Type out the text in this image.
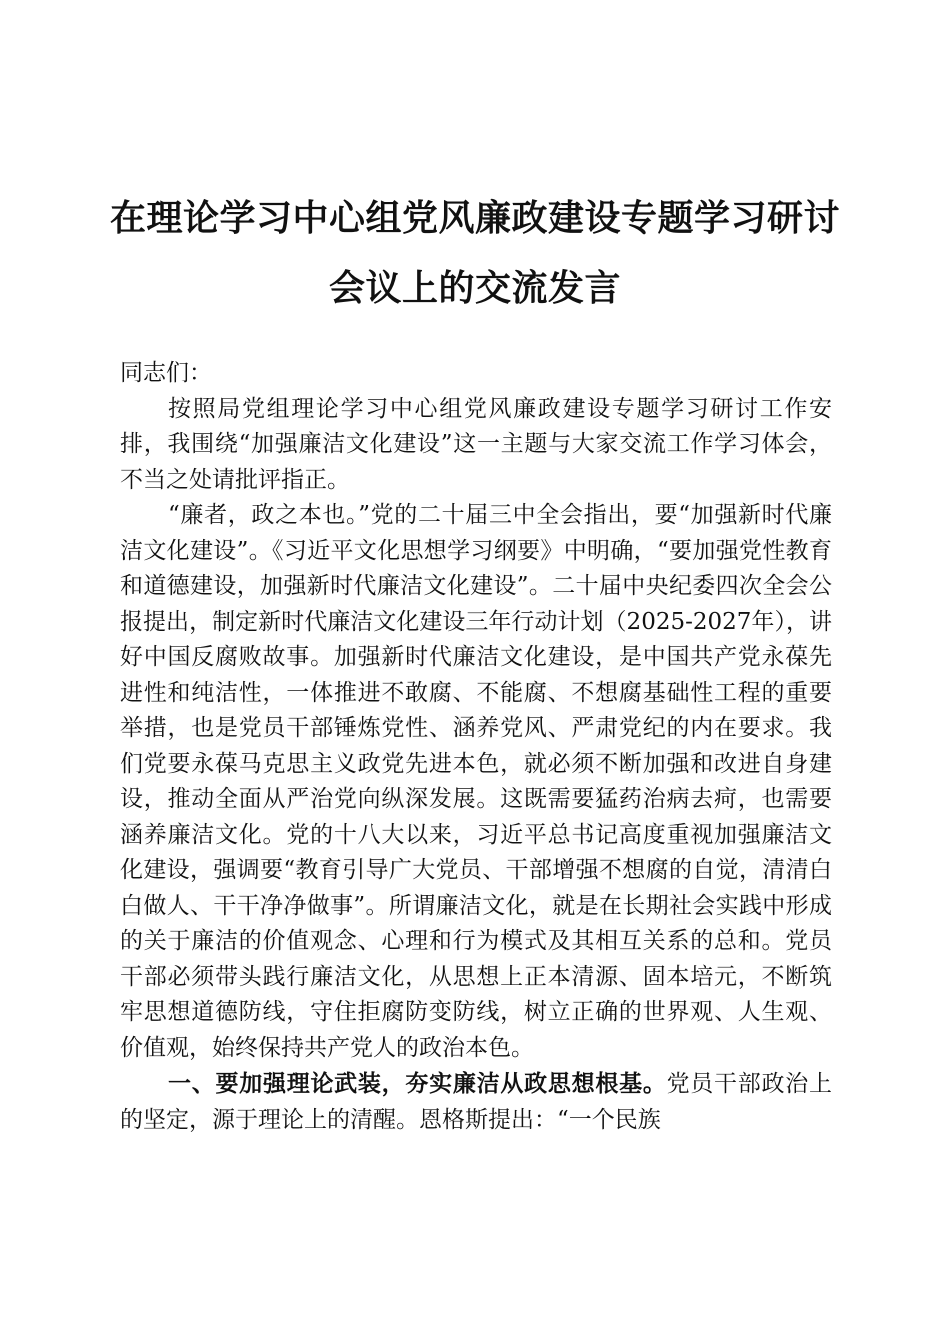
在理论学习中心组党风廉政建设专题学习研讨
会议上的交流发言

同志们：

按照局党组理论学习中心组党风廉政建设专题学习研讨工作安排，我围绕“加强廉洁文化建设”这一主题与大家交流工作学习体会，不当之处请批评指正。

“廉者，政之本也。”党的二十届三中全会指出，要“加强新时代廉洁文化建设”。《习近平文化思想学习纲要》中明确，“要加强党性教育和道德建设，加强新时代廉洁文化建设”。二十届中央纪委四次全会公报提出，制定新时代廉洁文化建设三年行动计划（2025-2027年），讲好中国反腐败故事。加强新时代廉洁文化建设，是中国共产党永葆先进性和纯洁性，一体推进不敢腐、不能腐、不想腐基础性工程的重要举措，也是党员干部锤炼党性、涵养党风、严肃党纪的内在要求。我们党要永葆马克思主义政党先进本色，就必须不断加强和改进自身建设，推动全面从严治党向纵深发展。这既需要猛药治病去疴，也需要涵养廉洁文化。党的十八大以来，习近平总书记高度重视加强廉洁文化建设，强调要“教育引导广大党员、干部增强不想腐的自觉，清清白白做人、干干净净做事”。所谓廉洁文化，就是在长期社会实践中形成的关于廉洁的价值观念、心理和行为模式及其相互关系的总和。党员干部必须带头践行廉洁文化，从思想上正本清源、固本培元，不断筑牢思想道德防线，守住拒腐防变防线，树立正确的世界观、人生观、价值观，始终保持共产党人的政治本色。

一、要加强理论武装，夯实廉洁从政思想根基。党员干部政治上的坚定，源于理论上的清醒。恩格斯提出：“一个民族
